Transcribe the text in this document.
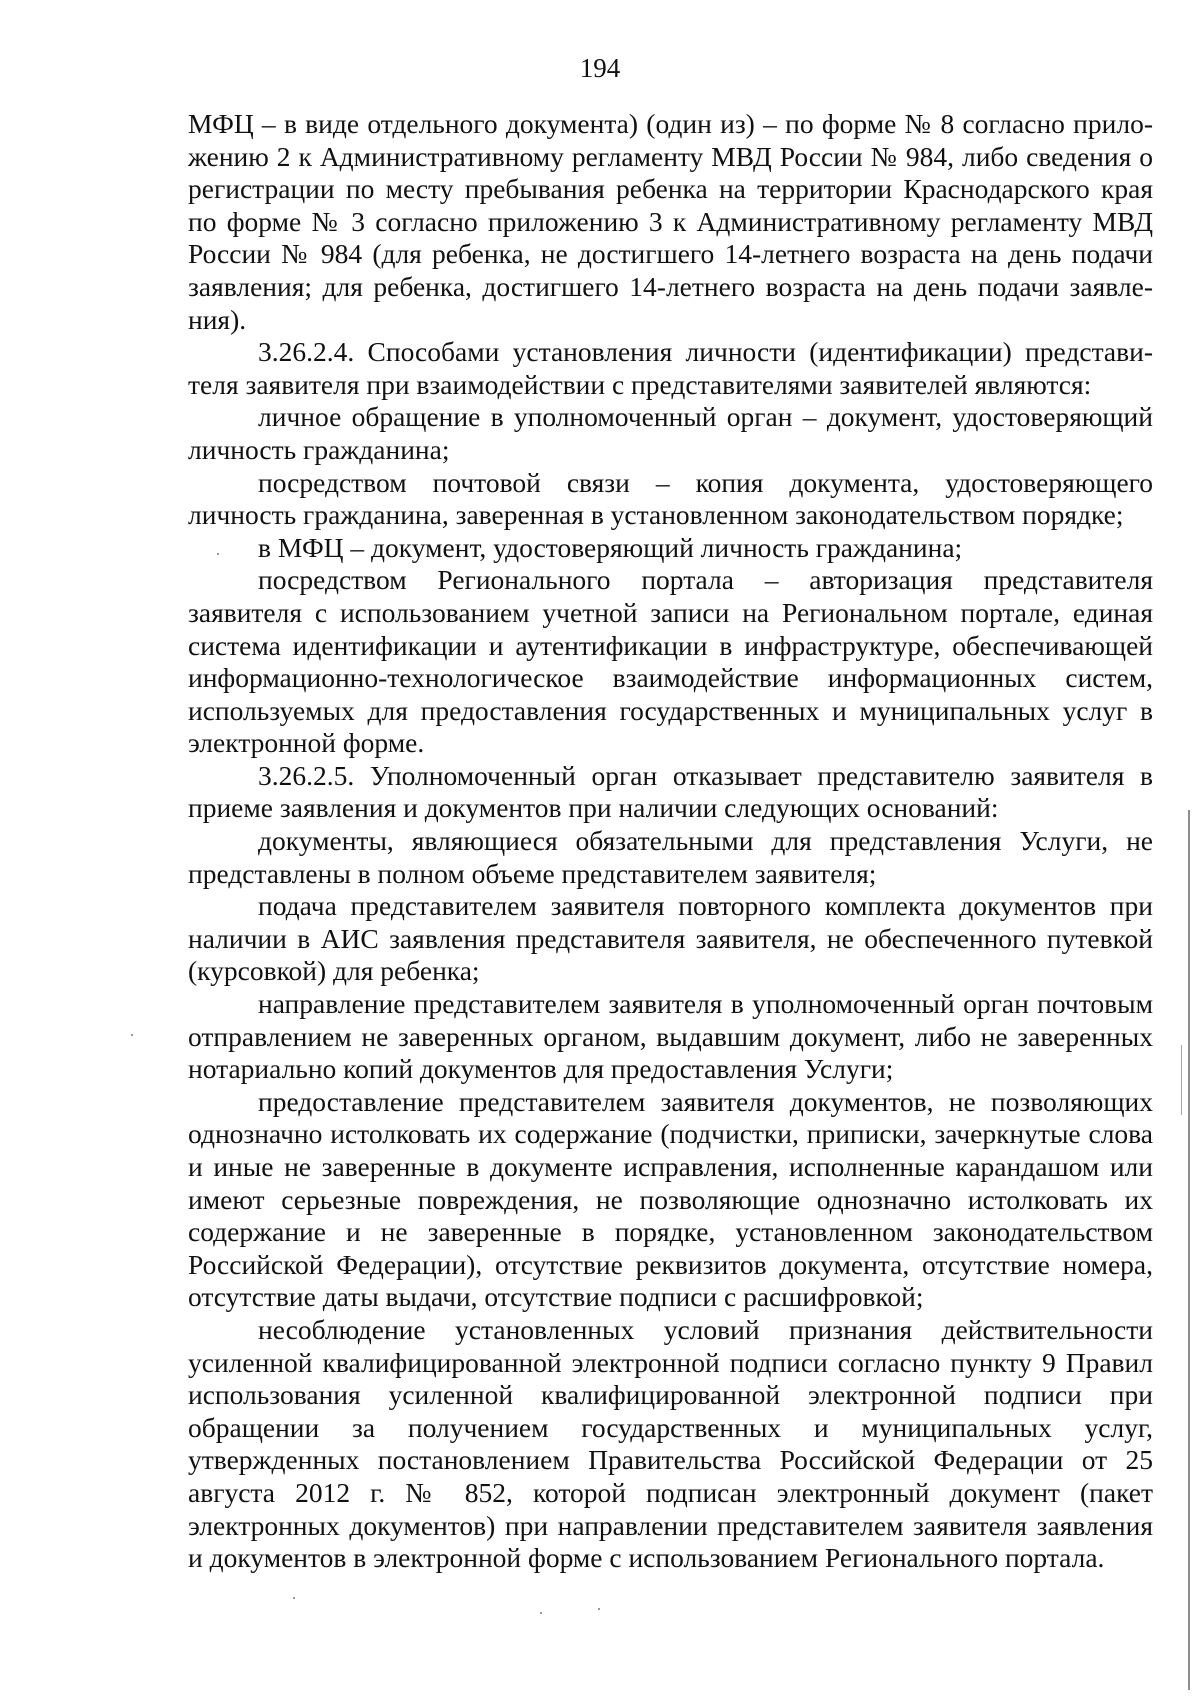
194

МФЦ – в виде отдельного документа) (один из) – по форме № 8 согласно приложению 2 к Административному регламенту МВД России № 984, либо сведения о регистрации по месту пребывания ребенка на территории Краснодарского края по форме № 3 согласно приложению 3 к Административному регламенту МВД России № 984 (для ребенка, не достигшего 14-летнего возраста на день подачи заявления; для ребенка, достигшего 14-летнего возраста на день подачи заявления).

3.26.2.4. Способами установления личности (идентификации) представителя заявителя при взаимодействии с представителями заявителей являются:

личное обращение в уполномоченный орган – документ, удостоверяющий личность гражданина;

посредством почтовой связи – копия документа, удостоверяющего личность гражданина, заверенная в установленном законодательством порядке;

в МФЦ – документ, удостоверяющий личность гражданина;

посредством Регионального портала – авторизация представителя заявителя с использованием учетной записи на Региональном портале, единая система идентификации и аутентификации в инфраструктуре, обеспечивающей информационно-технологическое взаимодействие информационных систем, используемых для предоставления государственных и муниципальных услуг в электронной форме.

3.26.2.5. Уполномоченный орган отказывает представителю заявителя в приеме заявления и документов при наличии следующих оснований:

документы, являющиеся обязательными для представления Услуги, не представлены в полном объеме представителем заявителя;

подача представителем заявителя повторного комплекта документов при наличии в АИС заявления представителя заявителя, не обеспеченного путевкой (курсовкой) для ребенка;

направление представителем заявителя в уполномоченный орган почтовым отправлением не заверенных органом, выдавшим документ, либо не заверенных нотариально копий документов для предоставления Услуги;

предоставление представителем заявителя документов, не позволяющих однозначно истолковать их содержание (подчистки, приписки, зачеркнутые слова и иные не заверенные в документе исправления, исполненные карандашом или имеют серьезные повреждения, не позволяющие однозначно истолковать их содержание и не заверенные в порядке, установленном законодательством Российской Федерации), отсутствие реквизитов документа, отсутствие номера, отсутствие даты выдачи, отсутствие подписи с расшифровкой;

несоблюдение установленных условий признания действительности усиленной квалифицированной электронной подписи согласно пункту 9 Правил использования усиленной квалифицированной электронной подписи при обращении за получением государственных и муниципальных услуг, утвержденных постановлением Правительства Российской Федерации от 25 августа 2012 г. № 852, которой подписан электронный документ (пакет электронных документов) при направлении представителем заявителя заявления и документов в электронной форме с использованием Регионального портала.
